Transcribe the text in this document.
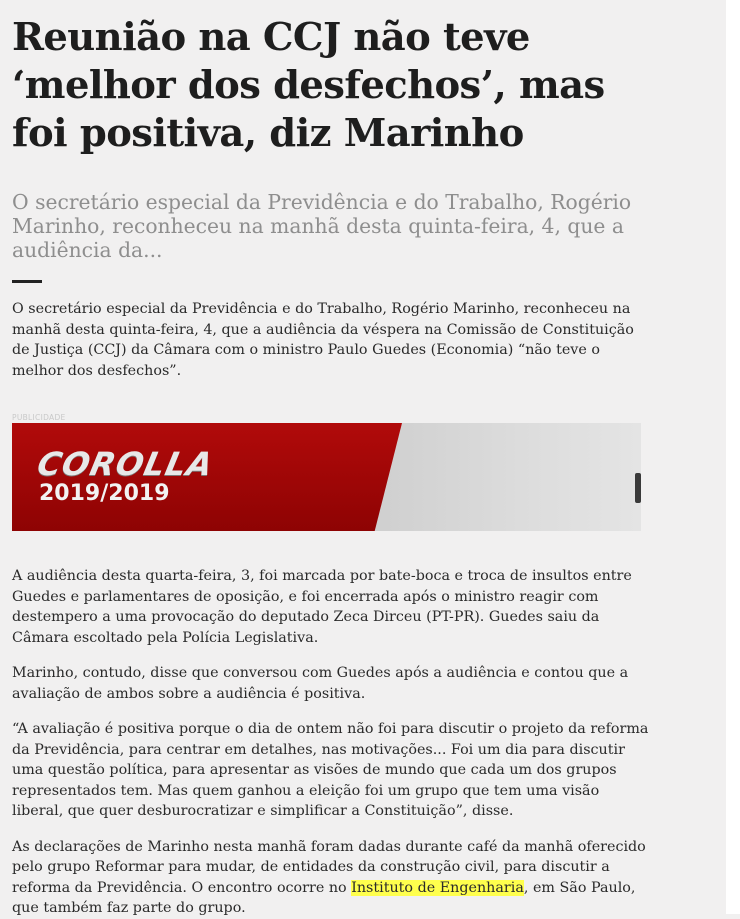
Reunião na CCJ não teve ‘melhor dos desfechos’, mas foi positiva, diz Marinho

O secretário especial da Previdência e do Trabalho, Rogério Marinho, reconheceu na manhã desta quinta-feira, 4, que a audiência da...

O secretário especial da Previdência e do Trabalho, Rogério Marinho, reconheceu na manhã desta quinta-feira, 4, que a audiência da véspera na Comissão de Constituição de Justiça (CCJ) da Câmara com o ministro Paulo Guedes (Economia) “não teve o melhor dos desfechos”.

PUBLICIDADE
COROLLA
2019/2019

A audiência desta quarta-feira, 3, foi marcada por bate-boca e troca de insultos entre Guedes e parlamentares de oposição, e foi encerrada após o ministro reagir com destempero a uma provocação do deputado Zeca Dirceu (PT-PR). Guedes saiu da Câmara escoltado pela Polícia Legislativa.

Marinho, contudo, disse que conversou com Guedes após a audiência e contou que a avaliação de ambos sobre a audiência é positiva.

“A avaliação é positiva porque o dia de ontem não foi para discutir o projeto da reforma da Previdência, para centrar em detalhes, nas motivações... Foi um dia para discutir uma questão política, para apresentar as visões de mundo que cada um dos grupos representados tem. Mas quem ganhou a eleição foi um grupo que tem uma visão liberal, que quer desburocratizar e simplificar a Constituição”, disse.

As declarações de Marinho nesta manhã foram dadas durante café da manhã oferecido pelo grupo Reformar para mudar, de entidades da construção civil, para discutir a reforma da Previdência. O encontro ocorre no Instituto de Engenharia, em São Paulo, que também faz parte do grupo.
